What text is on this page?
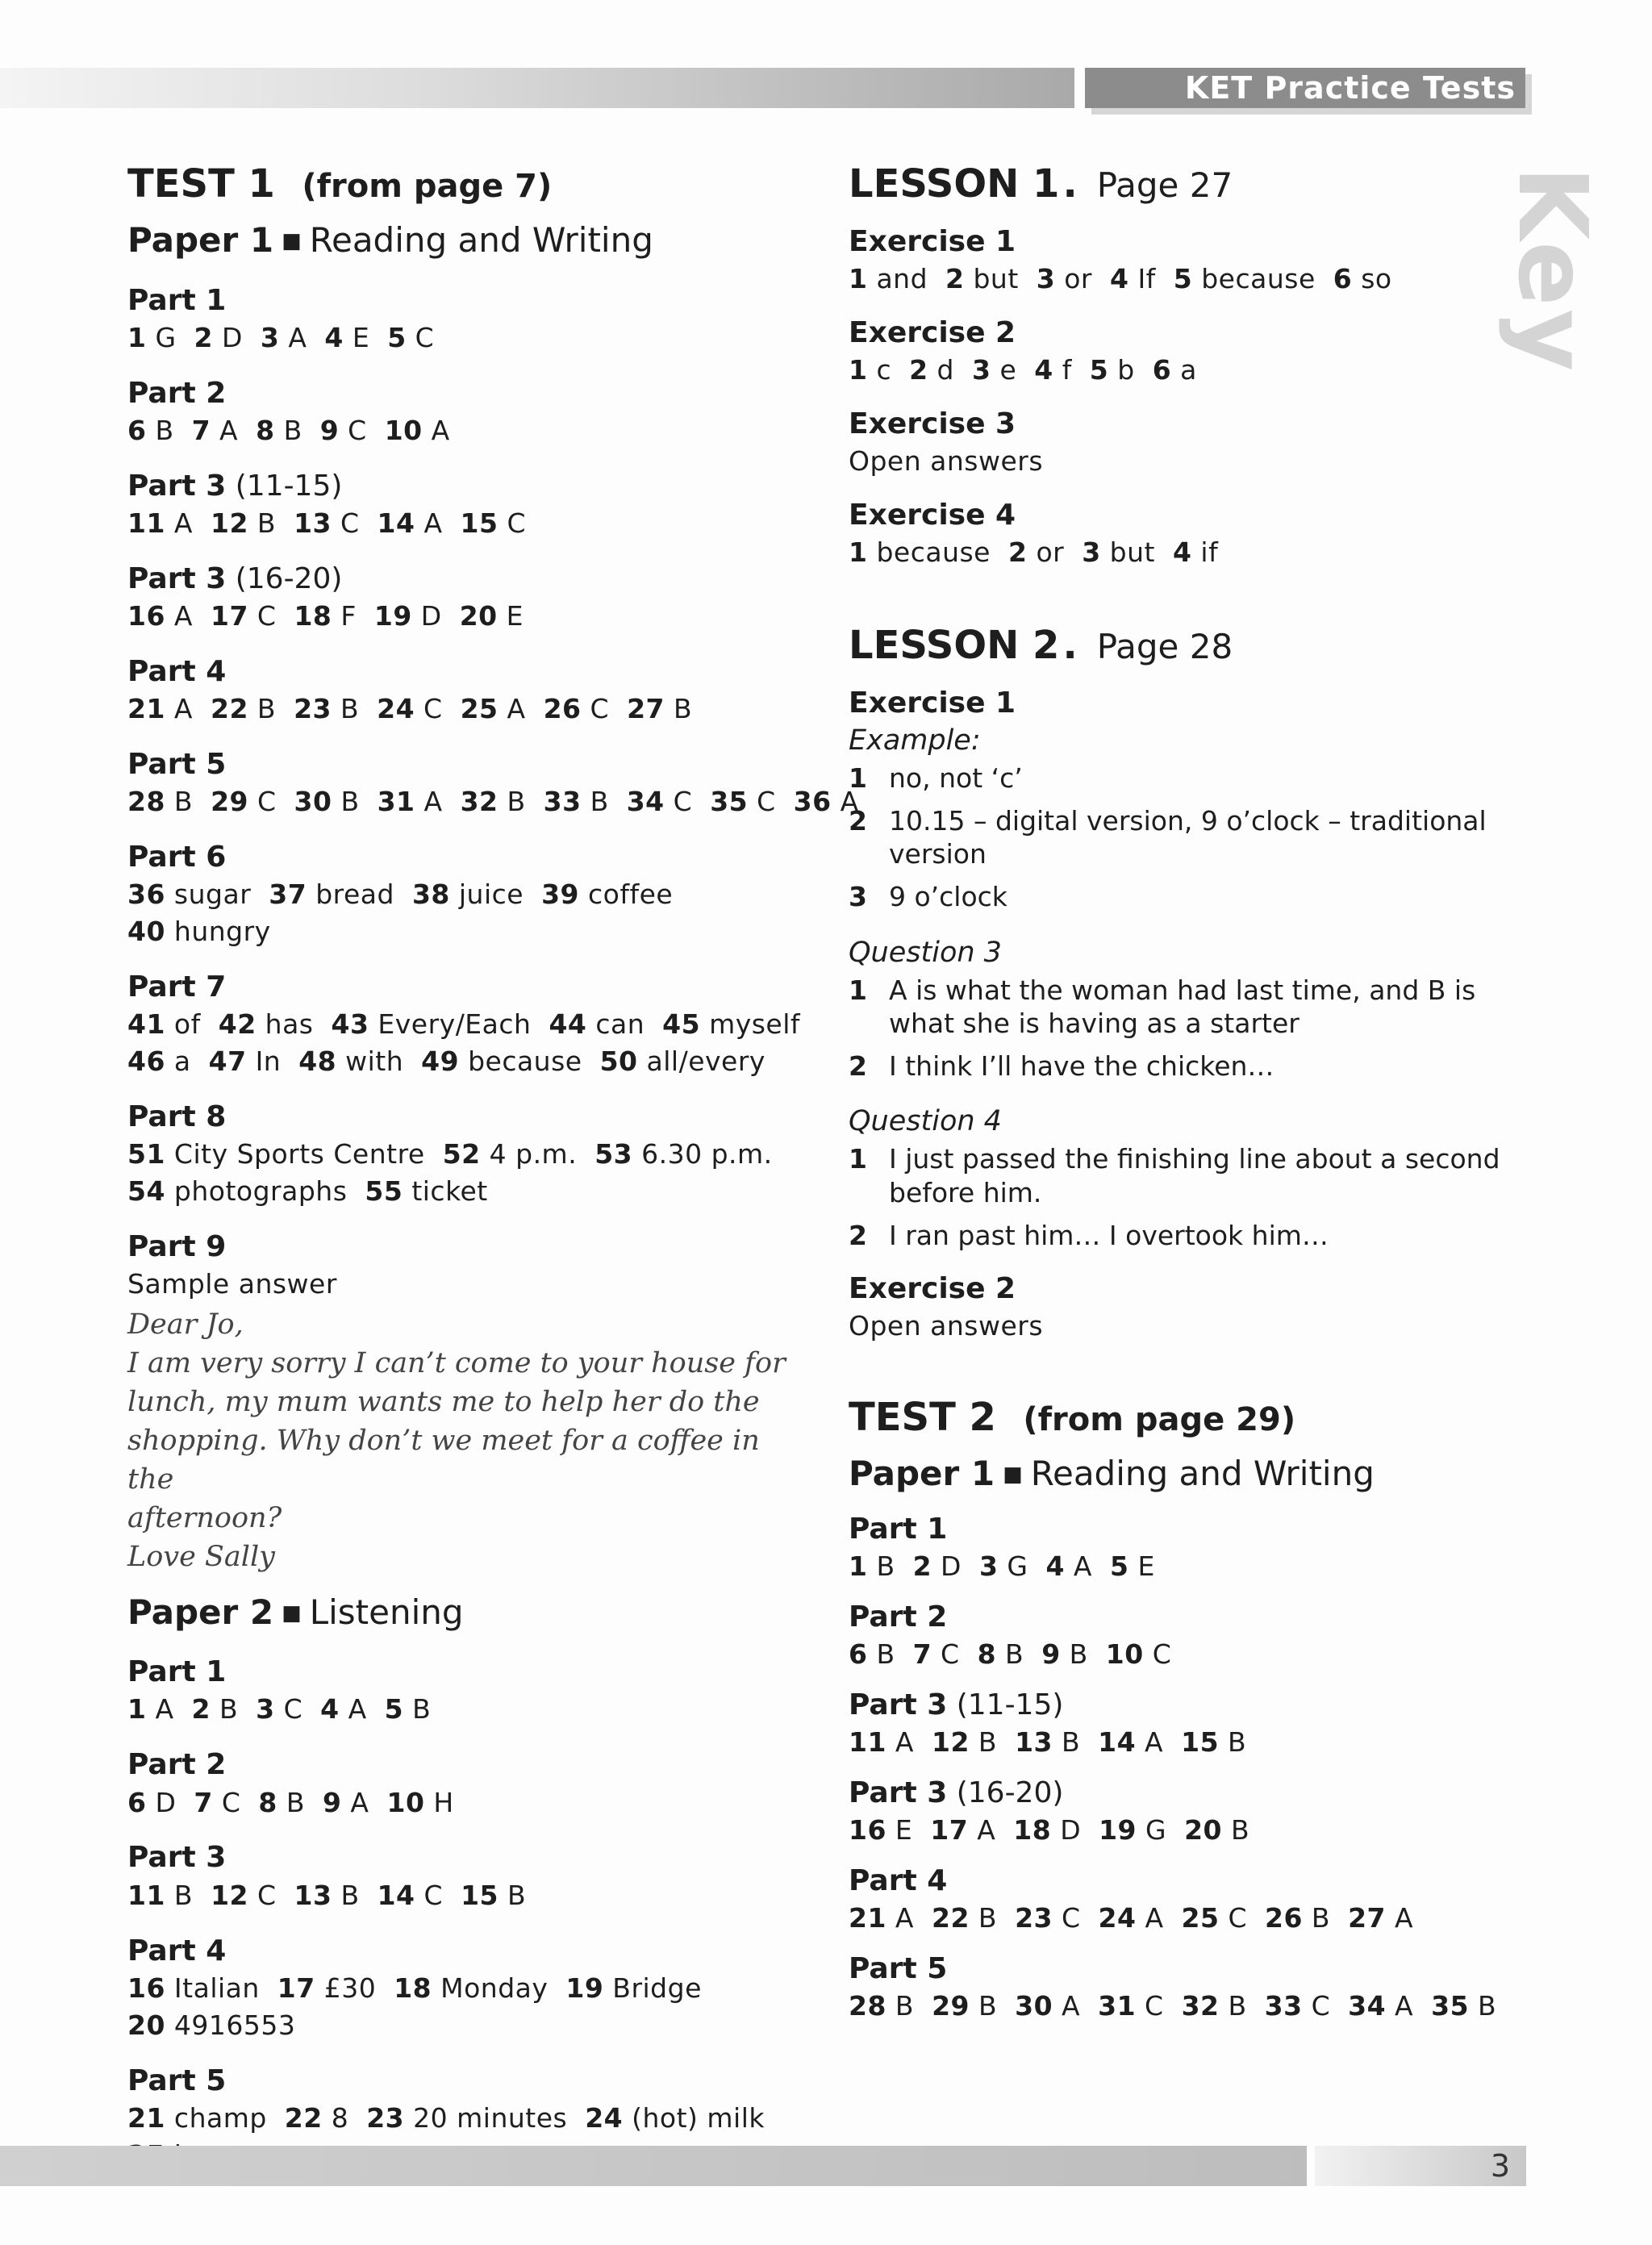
KET Practice Tests
Key
TEST 1 (from page 7)
Paper 1 ■ Reading and Writing
Part 1
1 G 2 D 3 A 4 E 5 C
Part 2
6 B 7 A 8 B 9 C 10 A
Part 3 (11-15)
11 A 12 B 13 C 14 A 15 C
Part 3 (16-20)
16 A 17 C 18 F 19 D 20 E
Part 4
21 A 22 B 23 B 24 C 25 A 26 C 27 B
Part 5
28 B 29 C 30 B 31 A 32 B 33 B 34 C 35 C 36 A
Part 6
36 sugar 37 bread 38 juice 39 coffee
40 hungry
Part 7
41 of 42 has 43 Every/Each 44 can 45 myself
46 a 47 In 48 with 49 because 50 all/every
Part 8
51 City Sports Centre 52 4 p.m. 53 6.30 p.m.
54 photographs 55 ticket
Part 9
Sample answer
Dear Jo,
I am very sorry I can’t come to your house for
lunch, my mum wants me to help her do the
shopping. Why don’t we meet for a coffee in the
afternoon?
Love Sally
Paper 2 ■ Listening
Part 1
1 A 2 B 3 C 4 A 5 B
Part 2
6 D 7 C 8 B 9 A 10 H
Part 3
11 B 12 C 13 B 14 C 15 B
Part 4
16 Italian 17 £30 18 Monday 19 Bridge
20 4916553
Part 5
21 champ 22 8 23 20 minutes 24 (hot) milk
LESSON 1. Page 27
Exercise 1
1 and 2 but 3 or 4 If 5 because 6 so
Exercise 2
1 c 2 d 3 e 4 f 5 b 6 a
Exercise 3
Open answers
Exercise 4
1 because 2 or 3 but 4 if
LESSON 2. Page 28
Exercise 1
Example:
1 no, not ‘c’
2 10.15 – digital version, 9 o’clock – traditional version
3 9 o’clock
Question 3
1 A is what the woman had last time, and B is what she is having as a starter
2 I think I’ll have the chicken…
Question 4
1 I just passed the finishing line about a second before him.
2 I ran past him… I overtook him…
Exercise 2
Open answers
TEST 2 (from page 29)
Paper 1 ■ Reading and Writing
Part 1
1 B 2 D 3 G 4 A 5 E
Part 2
6 B 7 C 8 B 9 B 10 C
Part 3 (11-15)
11 A 12 B 13 B 14 A 15 B
Part 3 (16-20)
16 E 17 A 18 D 19 G 20 B
Part 4
21 A 22 B 23 C 24 A 25 C 26 B 27 A
Part 5
28 B 29 B 30 A 31 C 32 B 33 C 34 A 35 B
3
